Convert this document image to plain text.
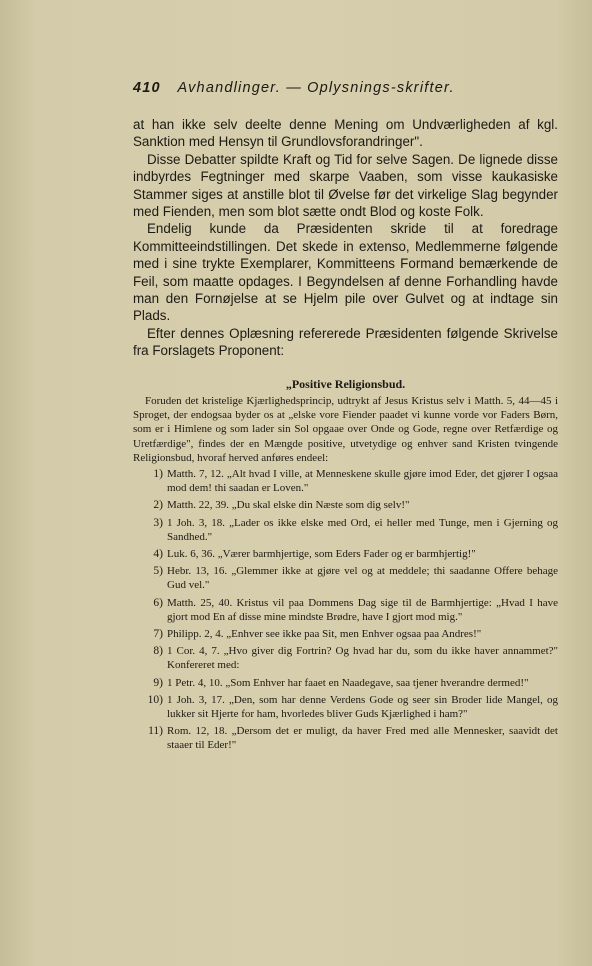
410 Avhandlinger. — Oplysnings-skrifter.

at han ikke selv deelte denne Mening om Undværligheden af kgl. Sanktion med Hensyn til Grundlovsforandringer".

Disse Debatter spildte Kraft og Tid for selve Sagen. De lignede disse indbyrdes Fegtninger med skarpe Vaaben, som visse kaukasiske Stammer siges at anstille blot til Øvelse før det virkelige Slag begynder med Fienden, men som blot sætte ondt Blod og koste Folk.

Endelig kunde da Præsidenten skride til at foredrage Kommitteeindstillingen. Det skede in extenso, Medlemmerne følgende med i sine trykte Exemplarer, Kommitteens Formand bemærkende de Feil, som maatte opdages. I Begyndelsen af denne Forhandling havde man den Fornøjelse at se Hjelm pile over Gulvet og at indtage sin Plads.

Efter dennes Oplæsning refererede Præsidenten følgende Skrivelse fra Forslagets Proponent:

„Positive Religionsbud.

Foruden det kristelige Kjærlighedsprincip, udtrykt af Jesus Kristus selv i Matth. 5, 44—45 i Sproget, der endogsaa byder os at „elske vore Fiender paadet vi kunne vorde vor Faders Børn, som er i Himlene og som lader sin Sol opgaae over Onde og Gode, regne over Retfærdige og Uretfærdige", findes der en Mængde positive, utvetydige og enhver sand Kristen tvingende Religionsbud, hvoraf herved anføres endeel:

1) Matth. 7, 12. „Alt hvad I ville, at Menneskene skulle gjøre imod Eder, det gjører I ogsaa mod dem! thi saadan er Loven."
2) Matth. 22, 39. „Du skal elske din Næste som dig selv!"
3) 1 Joh. 3, 18. „Lader os ikke elske med Ord, ei heller med Tunge, men i Gjerning og Sandhed."
4) Luk. 6, 36. „Værer barmhjertige, som Eders Fader og er barmhjertig!"
5) Hebr. 13, 16. „Glemmer ikke at gjøre vel og at meddele; thi saadanne Offere behage Gud vel."
6) Matth. 25, 40. Kristus vil paa Dommens Dag sige til de Barmhjertige: „Hvad I have gjort mod En af disse mine mindste Brødre, have I gjort mod mig."
7) Philipp. 2, 4. „Enhver see ikke paa Sit, men Enhver ogsaa paa Andres!"
8) 1 Cor. 4, 7. „Hvo giver dig Fortrin? Og hvad har du, som du ikke haver annammet?" Konfereret med:
9) 1 Petr. 4, 10. „Som Enhver har faaet en Naadegave, saa tjener hverandre dermed!"
10) 1 Joh. 3, 17. „Den, som har denne Verdens Gode og seer sin Broder lide Mangel, og lukker sit Hjerte for ham, hvorledes bliver Guds Kjærlighed i ham?"
11) Rom. 12, 18. „Dersom det er muligt, da haver Fred med alle Mennesker, saavidt det staaer til Eder!"
